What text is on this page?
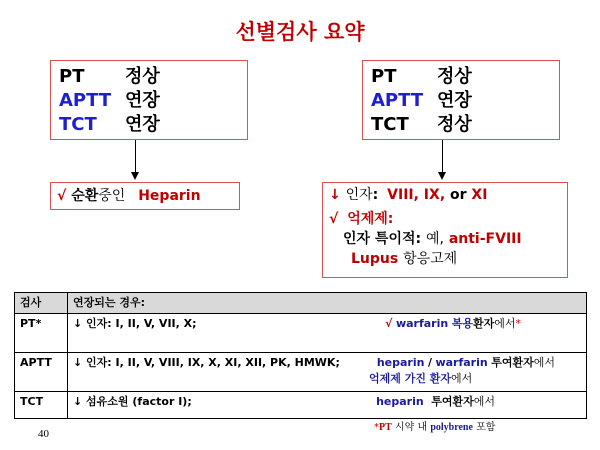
선별검사 요약
PT 정상
APTT 연장
TCT 연장
PT 정상
APTT 연장
TCT 정상
√ 순환중인 Heparin	↓ 인자: VIII, IX, or XI
√ 억제제:
인자 특이적: 예, anti-FVIII
Lupus 항응고제
검사	연장되는 경우:
PT*	↓ 인자: I, II, V, VII, X; √ warfarin 복용환자에서*

APTT	↓ 인자: I, II, V, VIII, IX, X, XI, XII, PK, HMWK; heparin / warfarin 투여환자에서
억제제 가진 환자에서

TCT	↓ 섬유소원 (factor I); heparin 투여환자에서
*PT 시약 내 polybrene 포함
40
